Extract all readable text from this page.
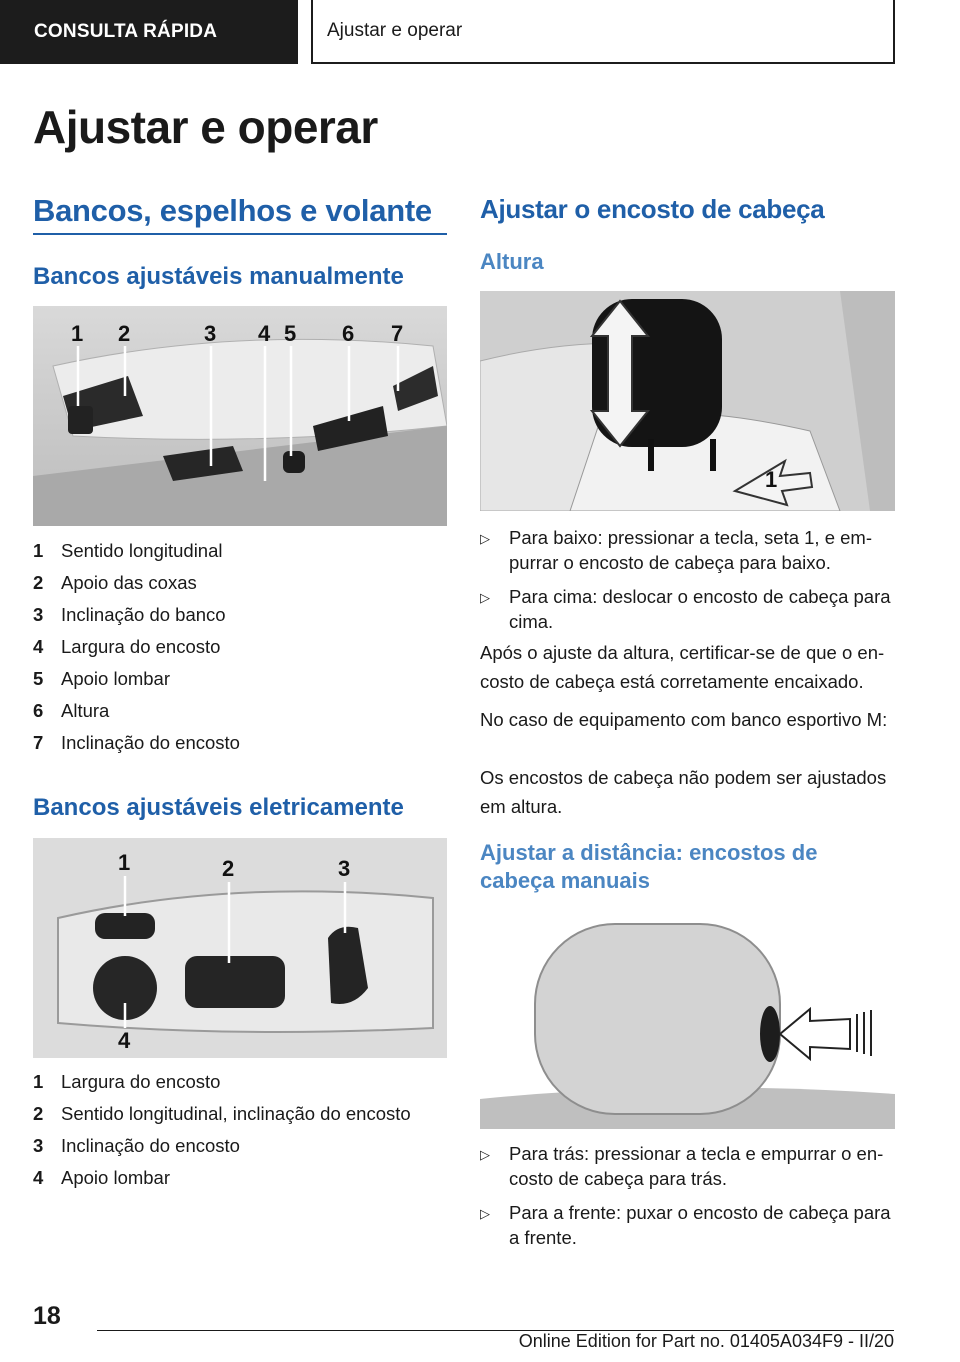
CONSULTA RÁPIDA	Ajustar e operar
Ajustar e operar
Bancos, espelhos e volante
Bancos ajustáveis manualmente
1 2	3 4 5 6 7
1 Sentido longitudinal
2 Apoio das coxas
3 Inclinação do banco
4 Largura do encosto
5 Apoio lombar
6 Altura
7 Inclinação do encosto
Bancos ajustáveis eletricamente
1	2	3
4
1 Largura do encosto
2 Sentido longitudinal, inclinação do encosto
3 Inclinação do encosto
4 Apoio lombar
Ajustar o encosto de cabeça
Altura
1
▷ Para baixo: pressionar a tecla, seta 1, e empurrar o encosto de cabeça para baixo.
▷ Para cima: deslocar o encosto de cabeça para cima.

Após o ajuste da altura, certificar-se de que o encosto de cabeça está corretamente encaixado.

No caso de equipamento com banco esportivo M:

Os encostos de cabeça não podem ser ajustados em altura.

Ajustar a distância: encostos de cabeça manuais
▷ Para trás: pressionar a tecla e empurrar o encosto de cabeça para trás.
▷ Para a frente: puxar o encosto de cabeça para a frente.
18
Online Edition for Part no. 01405A034F9 - II/20
